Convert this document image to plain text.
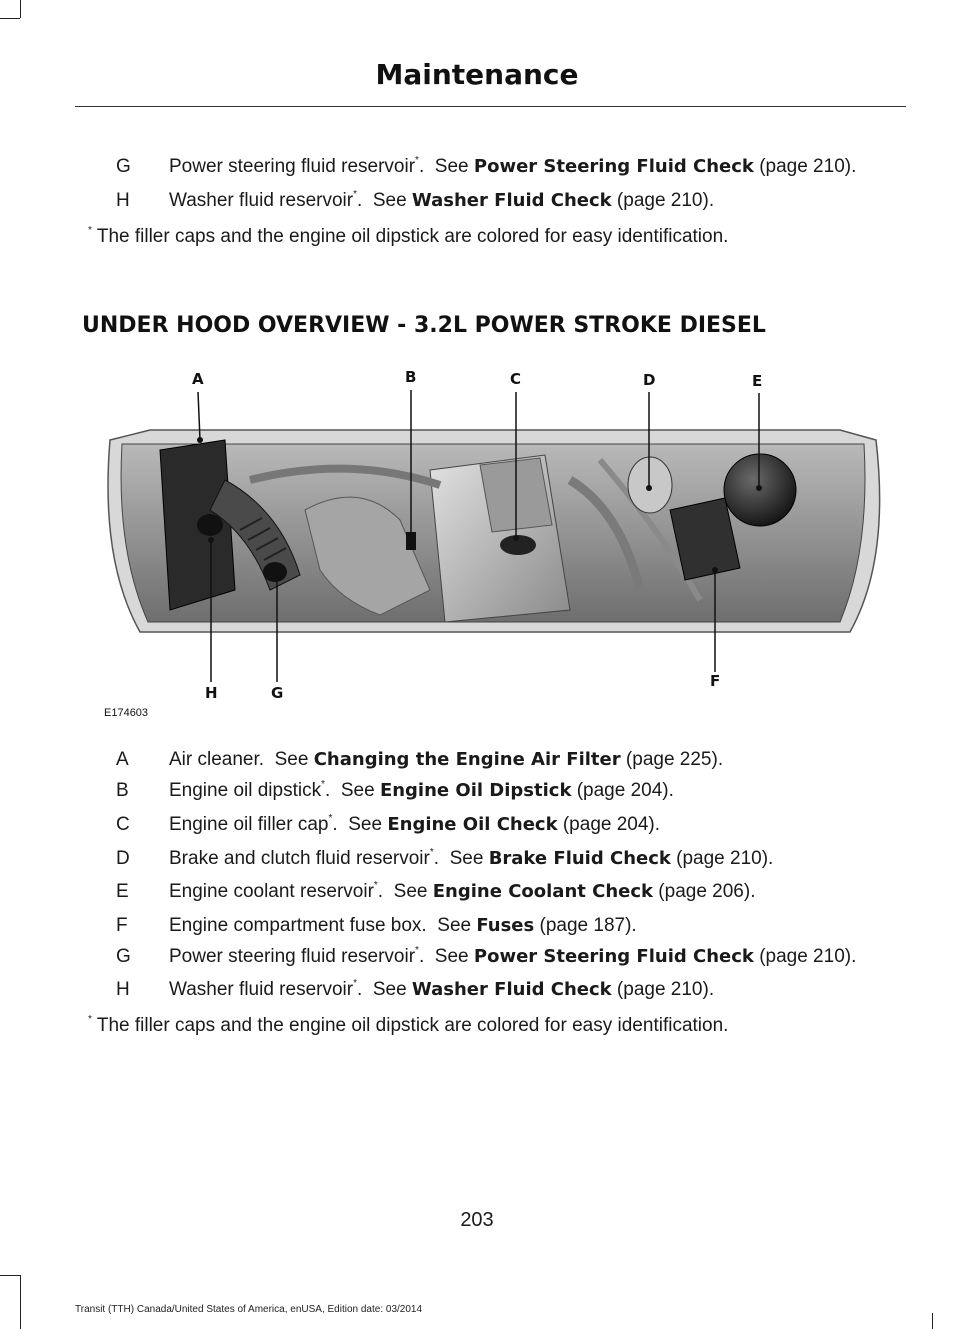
Maintenance
G Power steering fluid reservoir*.  See Power Steering Fluid Check (page 210).
H Washer fluid reservoir*.  See Washer Fluid Check (page 210).
* The filler caps and the engine oil dipstick are colored for easy identification.
UNDER HOOD OVERVIEW - 3.2L POWER STROKE DIESEL
A	B	C	D	E
F
G
H
E174603
A Air cleaner. See Changing the Engine Air Filter (page 225).
B Engine oil dipstick*.  See Engine Oil Dipstick (page 204).
C Engine oil filler cap*.  See Engine Oil Check (page 204).
D Brake and clutch fluid reservoir*.  See Brake Fluid Check (page 210).
E Engine coolant reservoir*.  See Engine Coolant Check (page 206).
F Engine compartment fuse box. See Fuses (page 187).
G Power steering fluid reservoir*.  See Power Steering Fluid Check (page 210).
H Washer fluid reservoir*.  See Washer Fluid Check (page 210).
* The filler caps and the engine oil dipstick are colored for easy identification.
203
Transit (TTH) Canada/United States of America, enUSA, Edition date: 03/2014
